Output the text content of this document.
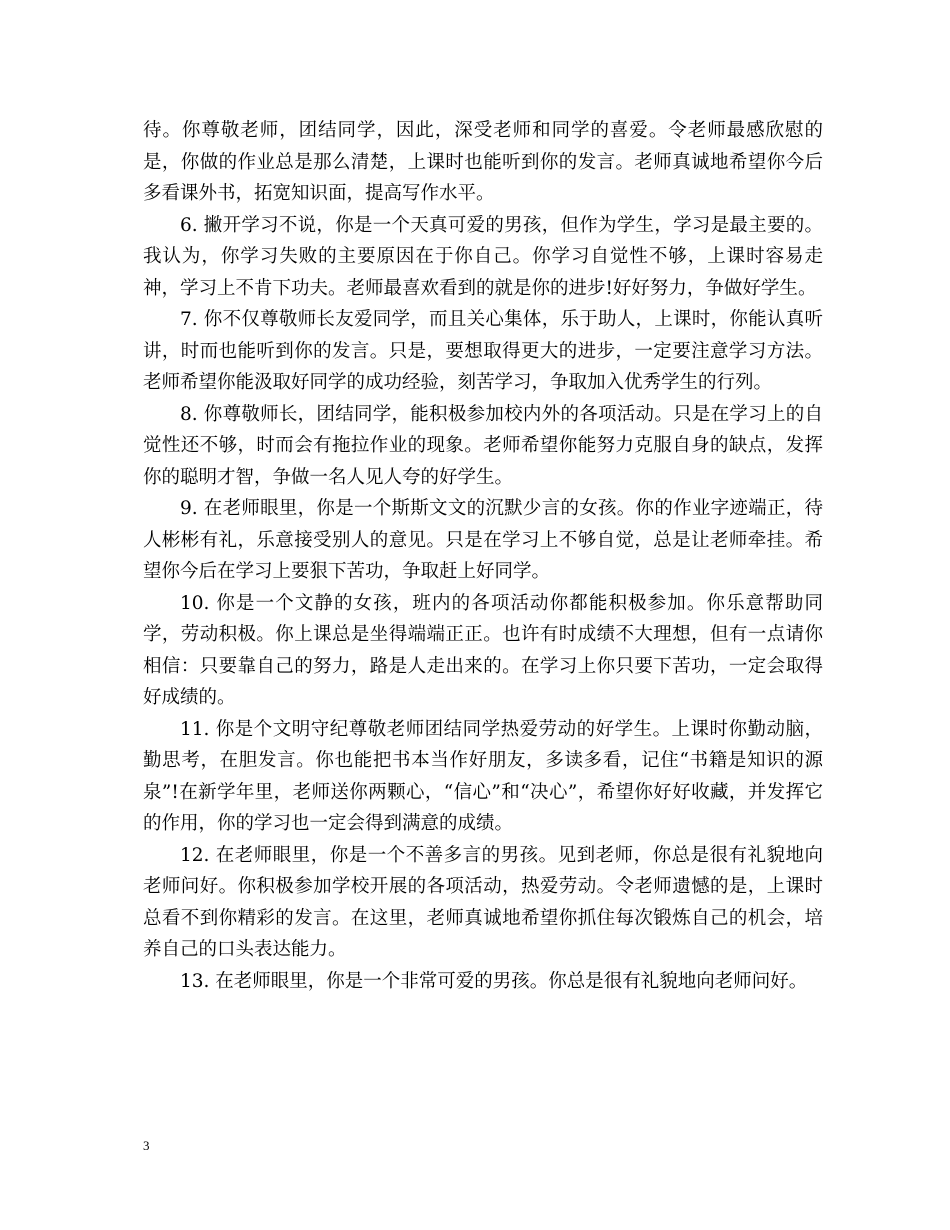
待。你尊敬老师，团结同学，因此，深受老师和同学的喜爱。令老师最感欣慰的是，你做的作业总是那么清楚，上课时也能听到你的发言。老师真诚地希望你今后多看课外书，拓宽知识面，提高写作水平。

6. 撇开学习不说，你是一个天真可爱的男孩，但作为学生，学习是最主要的。我认为，你学习失败的主要原因在于你自己。你学习自觉性不够，上课时容易走神，学习上不肯下功夫。老师最喜欢看到的就是你的进步!好好努力，争做好学生。

7. 你不仅尊敬师长友爱同学，而且关心集体，乐于助人，上课时，你能认真听讲，时而也能听到你的发言。只是，要想取得更大的进步，一定要注意学习方法。老师希望你能汲取好同学的成功经验，刻苦学习，争取加入优秀学生的行列。

8. 你尊敬师长，团结同学，能积极参加校内外的各项活动。只是在学习上的自觉性还不够，时而会有拖拉作业的现象。老师希望你能努力克服自身的缺点，发挥你的聪明才智，争做一名人见人夸的好学生。

9. 在老师眼里，你是一个斯斯文文的沉默少言的女孩。你的作业字迹端正，待人彬彬有礼，乐意接受别人的意见。只是在学习上不够自觉，总是让老师牵挂。希望你今后在学习上要狠下苦功，争取赶上好同学。

10. 你是一个文静的女孩，班内的各项活动你都能积极参加。你乐意帮助同学，劳动积极。你上课总是坐得端端正正。也许有时成绩不大理想，但有一点请你相信：只要靠自己的努力，路是人走出来的。在学习上你只要下苦功，一定会取得好成绩的。

11. 你是个文明守纪尊敬老师团结同学热爱劳动的好学生。上课时你勤动脑，勤思考，在胆发言。你也能把书本当作好朋友，多读多看，记住“书籍是知识的源泉”!在新学年里，老师送你两颗心，“信心”和“决心”，希望你好好收藏，并发挥它的作用，你的学习也一定会得到满意的成绩。

12. 在老师眼里，你是一个不善多言的男孩。见到老师，你总是很有礼貌地向老师问好。你积极参加学校开展的各项活动，热爱劳动。令老师遗憾的是，上课时总看不到你精彩的发言。在这里，老师真诚地希望你抓住每次锻炼自己的机会，培养自己的口头表达能力。

13. 在老师眼里，你是一个非常可爱的男孩。你总是很有礼貌地向老师问好。

3
